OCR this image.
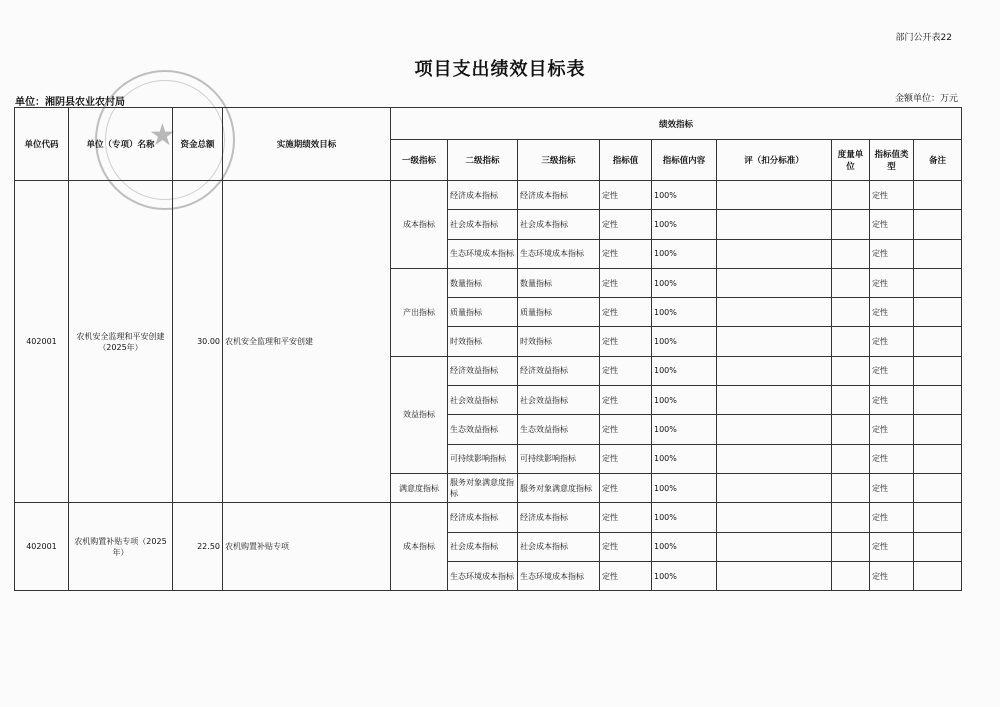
部门公开表22
项目支出绩效目标表
单位：湘阴县农业农村局	金额单位：万元
★
单位代码	单位（专项）名称	资金总额	实施期绩效目标	绩效指标								
				一级指标	二级指标	三级指标	指标值	指标值内容	评（扣分标准）	度量单位	指标值类型	备注
402001	农机安全监理和平安创建（2025年）	30.00	农机安全监理和平安创建	成本指标	经济成本指标	经济成本指标	定性	100%			定性	
					社会成本指标	社会成本指标	定性	100%			定性	
					生态环境成本指标	生态环境成本指标	定性	100%			定性	
				产出指标	数量指标	数量指标	定性	100%			定性	
					质量指标	质量指标	定性	100%			定性	
					时效指标	时效指标	定性	100%			定性	
				效益指标	经济效益指标	经济效益指标	定性	100%			定性	
					社会效益指标	社会效益指标	定性	100%			定性	
					生态效益指标	生态效益指标	定性	100%			定性	
					可持续影响指标	可持续影响指标	定性	100%			定性	
				满意度指标	服务对象满意度指标	服务对象满意度指标	定性	100%			定性	
402001	农机购置补贴专项（2025年）	22.50	农机购置补贴专项	成本指标	经济成本指标	经济成本指标	定性	100%			定性	
					社会成本指标	社会成本指标	定性	100%			定性	
					生态环境成本指标	生态环境成本指标	定性	100%			定性	
